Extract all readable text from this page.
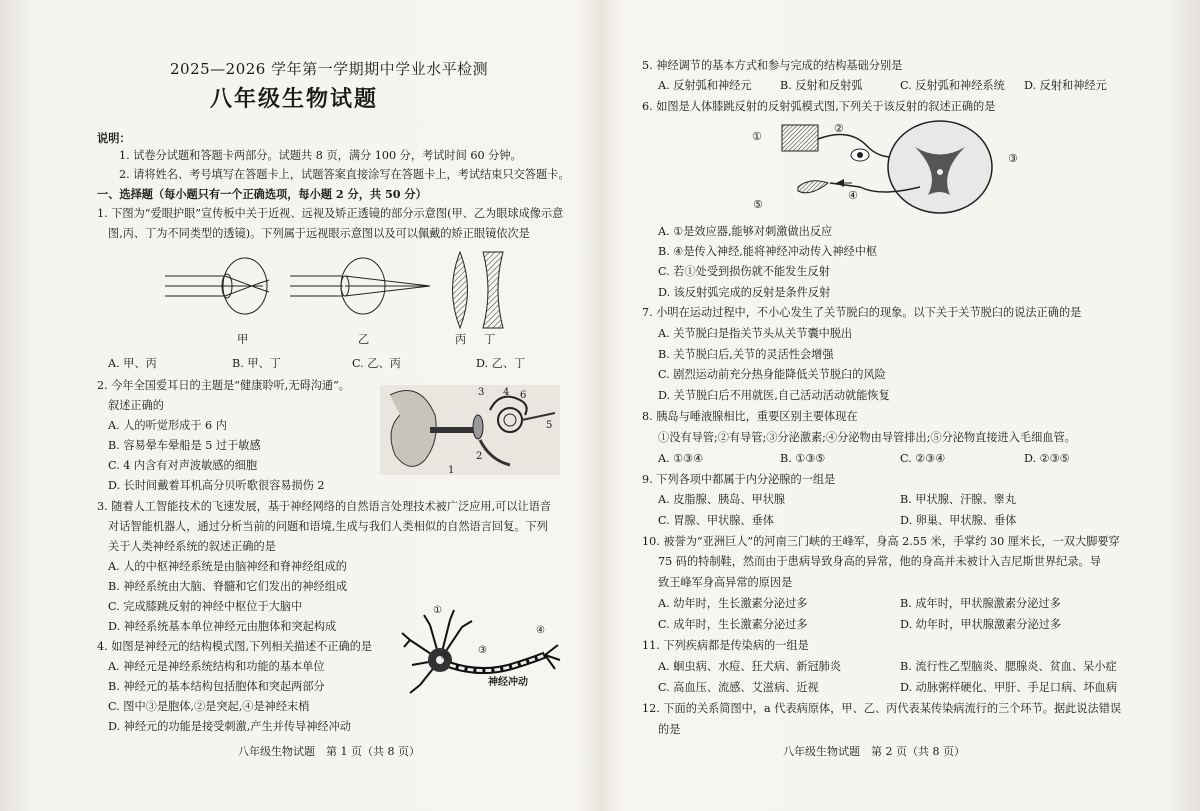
2025—2026 学年第一学期期中学业水平检测
八年级生物试题
说明：
1. 试卷分试题和答题卡两部分。试题共 8 页，满分 100 分，考试时间 60 分钟。
2. 请将姓名、考号填写在答题卡上，试题答案直接涂写在答题卡上，考试结束只交答题卡。
一、选择题（每小题只有一个正确选项，每小题 2 分，共 50 分）
1. 下图为“爱眼护眼”宣传板中关于近视、远视及矫正透镜的部分示意图(甲、乙为眼球成像示意
图,丙、丁为不同类型的透镜)。下列属于远视眼示意图以及可以佩戴的矫正眼镜依次是
甲	乙	丙 丁
A. 甲、丙	B. 甲、丁	C. 乙、丙	D. 乙、丁
2. 今年全国爱耳日的主题是“健康聆听,无碍沟通”。
叙述正确的
A. 人的听觉形成于 6 内
B. 容易晕车晕船是 5 过于敏感
C. 4 内含有对声波敏感的细胞
D. 长时间戴着耳机高分贝听歌很容易损伤 2
3 4 6
5
2
1
3. 随着人工智能技术的飞速发展，基于神经网络的自然语言处理技术被广泛应用,可以让语音
对话智能机器人，通过分析当前的问题和语境,生成与我们人类相似的自然语言回复。下列
关于人类神经系统的叙述正确的是
A. 人的中枢神经系统是由脑神经和脊神经组成的
B. 神经系统由大脑、脊髓和它们发出的神经组成
C. 完成膝跳反射的神经中枢位于大脑中
D. 神经系统基本单位神经元由胞体和突起构成
4. 如图是神经元的结构模式图,下列相关描述不正确的是
A. 神经元是神经系统结构和功能的基本单位
B. 神经元的基本结构包括胞体和突起两部分
C. 图中③是胞体,②是突起,④是神经末梢
D. 神经元的功能是接受刺激,产生并传导神经冲动
①
②
③
④
神经冲动
八年级生物试题　第 1 页（共 8 页）
5. 神经调节的基本方式和参与完成的结构基础分别是
A. 反射弧和神经元	B. 反射和反射弧	C. 反射弧和神经系统 D. 反射和神经元
6. 如图是人体膝跳反射的反射弧模式图,下列关于该反射的叙述正确的是
①
②
③
④
⑤
A. ①是效应器,能够对刺激做出反应
B. ④是传入神经,能将神经冲动传入神经中枢
C. 若①处受到损伤就不能发生反射
D. 该反射弧完成的反射是条件反射
7. 小明在运动过程中，不小心发生了关节脱臼的现象。以下关于关节脱臼的说法正确的是
A. 关节脱臼是指关节头从关节囊中脱出
B. 关节脱臼后,关节的灵活性会增强
C. 剧烈运动前充分热身能降低关节脱臼的风险
D. 关节脱臼后不用就医,自己活动活动就能恢复
8. 胰岛与唾液腺相比，重要区别主要体现在
①没有导管;②有导管;③分泌激素;④分泌物由导管排出;⑤分泌物直接进入毛细血管。
A. ①③④	B. ①③⑤	C. ②③④	D. ②③⑤
9. 下列各项中都属于内分泌腺的一组是
A. 皮脂腺、胰岛、甲状腺	B. 甲状腺、汗腺、睾丸
C. 胃腺、甲状腺、垂体	D. 卵巢、甲状腺、垂体
10. 被誉为“亚洲巨人”的河南三门峡的王峰军，身高 2.55 米，手掌约 30 厘米长，一双大脚要穿
75 码的特制鞋，然而由于患病导致身高的异常，他的身高并未被计入吉尼斯世界纪录。导
致王峰军身高异常的原因是
A. 幼年时，生长激素分泌过多	B. 成年时，甲状腺激素分泌过多
C. 成年时，生长激素分泌过多	D. 幼年时，甲状腺激素分泌过多
11. 下列疾病都是传染病的一组是
A. 蛔虫病、水痘、狂犬病、新冠肺炎	B. 流行性乙型脑炎、腮腺炎、贫血、呆小症
C. 高血压、流感、艾滋病、近视	D. 动脉粥样硬化、甲肝、手足口病、坏血病
12. 下面的关系简图中，a 代表病原体，甲、乙、丙代表某传染病流行的三个环节。据此说法错误
的是
八年级生物试题　第 2 页（共 8 页）
